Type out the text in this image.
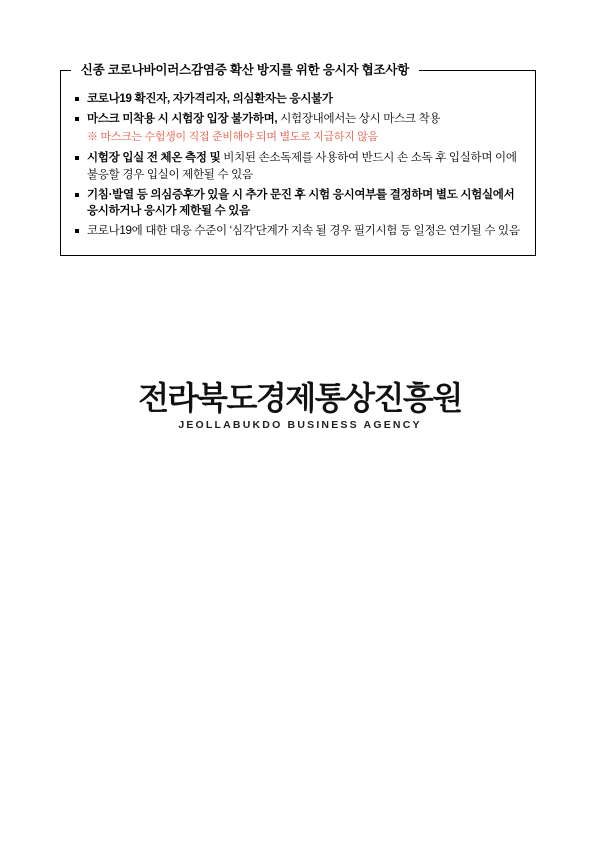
코로나19 확진자, 자가격리자, 의심환자는 응시불가
마스크 미착용 시 시험장 입장 불가하며, 시험장내에서는 상시 마스크 착용
※ 마스크는 수험생이 직접 준비해야 되며 별도로 지급하지 않음
시험장 입실 전 체온 측정 및 비치된 손소독제를 사용하여 반드시 손 소독 후 입실하며 이에 불응할 경우 입실이 제한될 수 있음
기침·발열 등 의심증후가 있을 시 추가 문진 후 시험 응시여부를 결정하며 별도 시험실에서 응시하거나 응시가 제한될 수 있음
코로나19에 대한 대응 수준이 ‘심각’단계가 지속 될 경우 필기시험 등 일정은 연기될 수 있음
신종 코로나바이러스감염증 확산 방지를 위한 응시자 협조사항
전라북도경제통상진흥원
JEOLLABUKDO BUSINESS AGENCY
